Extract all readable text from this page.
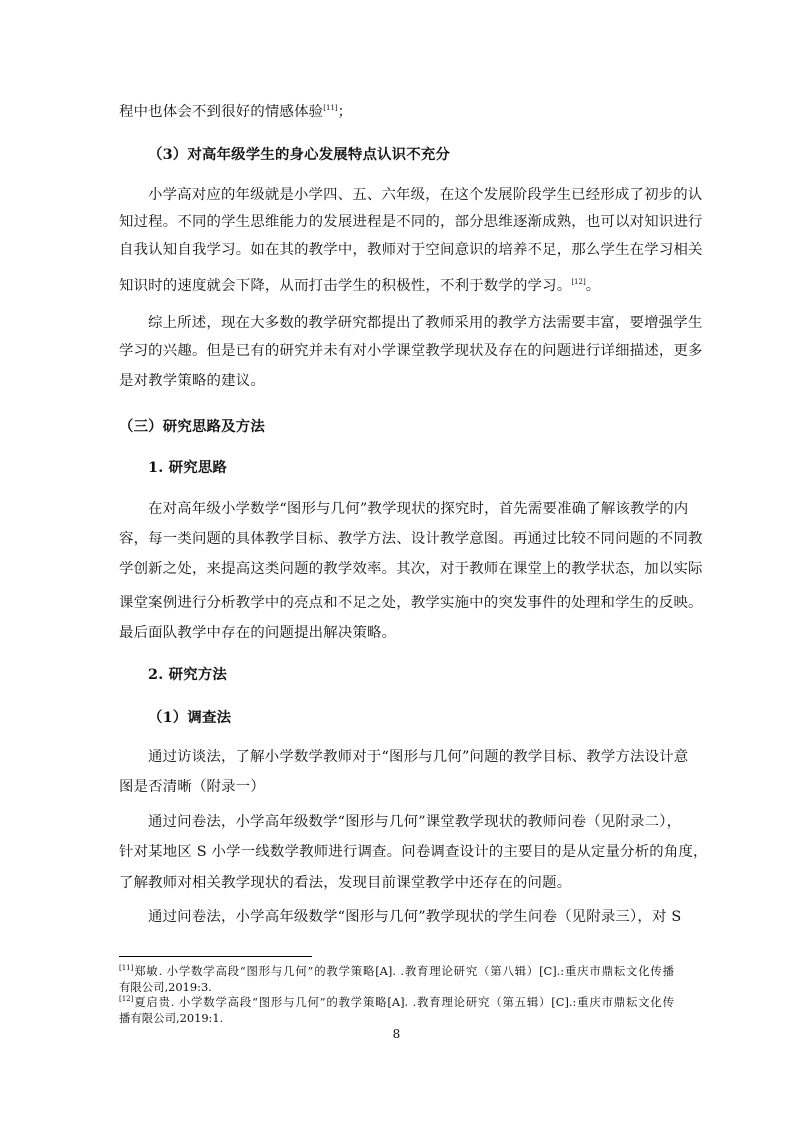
程中也体会不到很好的情感体验[11]；
（3）对高年级学生的身心发展特点认识不充分
小学高对应的年级就是小学四、五、六年级，在这个发展阶段学生已经形成了初步的认
知过程。不同的学生思维能力的发展进程是不同的，部分思维逐渐成熟，也可以对知识进行
自我认知自我学习。如在其的教学中，教师对于空间意识的培养不足，那么学生在学习相关
知识时的速度就会下降，从而打击学生的积极性，不利于数学的学习。[12]。
综上所述，现在大多数的教学研究都提出了教师采用的教学方法需要丰富，要增强学生
学习的兴趣。但是已有的研究并未有对小学课堂教学现状及存在的问题进行详细描述，更多
是对教学策略的建议。
（三）研究思路及方法
1. 研究思路
在对高年级小学数学“图形与几何”教学现状的探究时，首先需要准确了解该教学的内
容，每一类问题的具体教学目标、教学方法、设计教学意图。再通过比较不同问题的不同教
学创新之处，来提高这类问题的教学效率。其次，对于教师在课堂上的教学状态，加以实际
课堂案例进行分析教学中的亮点和不足之处，教学实施中的突发事件的处理和学生的反映。
最后面队教学中存在的问题提出解决策略。
2. 研究方法
（1）调查法
通过访谈法，了解小学数学教师对于“图形与几何”问题的教学目标、教学方法设计意
图是否清晰（附录一）
通过问卷法，小学高年级数学“图形与几何”课堂教学现状的教师问卷（见附录二），
针对某地区 S 小学一线数学教师进行调查。问卷调查设计的主要目的是从定量分析的角度，
了解教师对相关教学现状的看法，发现目前课堂教学中还存在的问题。
通过问卷法，小学高年级数学“图形与几何”教学现状的学生问卷（见附录三），对 S
[11]郑敏. 小学数学高段“图形与几何”的教学策略[A]. .教育理论研究（第八辑）[C].:重庆市鼎耘文化传播
有限公司,2019:3.
[12]夏启贵. 小学数学高段“图形与几何”的教学策略[A]. .教育理论研究（第五辑）[C].:重庆市鼎耘文化传
播有限公司,2019:1.
8
